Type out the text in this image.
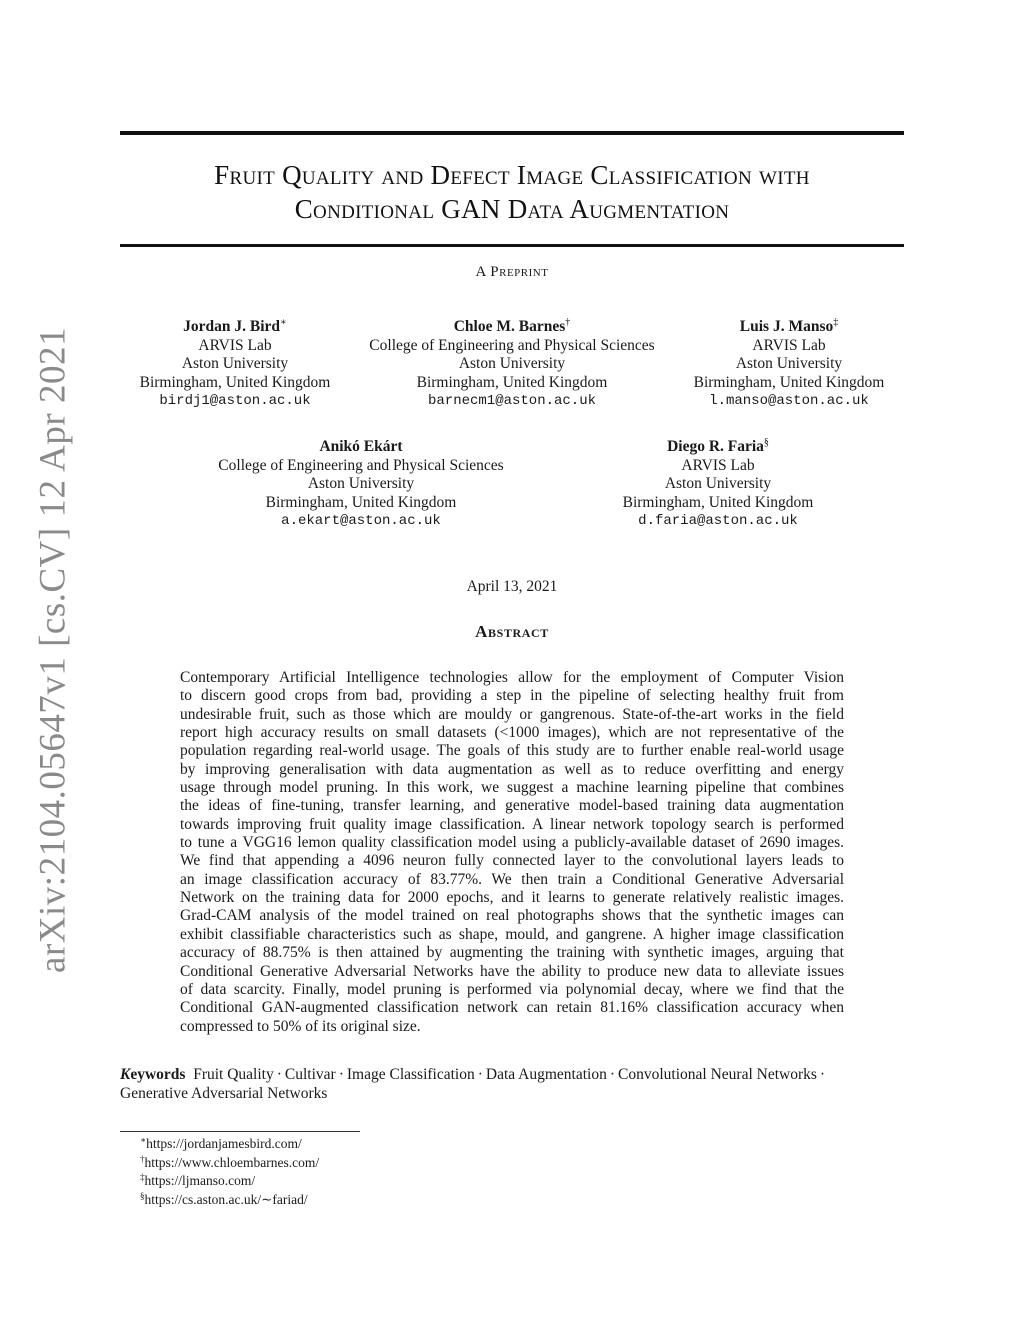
arXiv:2104.05647v1 [cs.CV] 12 Apr 2021
Fruit Quality and Defect Image Classification with
Conditional GAN Data Augmentation
A Preprint
Jordan J. Bird∗
ARVIS Lab
Aston University
Birmingham, United Kingdom
birdj1@aston.ac.uk
Chloe M. Barnes†
College of Engineering and Physical Sciences
Aston University
Birmingham, United Kingdom
barnecm1@aston.ac.uk
Luis J. Manso‡
ARVIS Lab
Aston University
Birmingham, United Kingdom
l.manso@aston.ac.uk
Anikó Ekárt
College of Engineering and Physical Sciences
Aston University
Birmingham, United Kingdom
a.ekart@aston.ac.uk
Diego R. Faria§
ARVIS Lab
Aston University
Birmingham, United Kingdom
d.faria@aston.ac.uk
April 13, 2021
Abstract
Contemporary Artificial Intelligence technologies allow for the employment of Computer Vision
to discern good crops from bad, providing a step in the pipeline of selecting healthy fruit from
undesirable fruit, such as those which are mouldy or gangrenous. State-of-the-art works in the field
report high accuracy results on small datasets (<1000 images), which are not representative of the
population regarding real-world usage. The goals of this study are to further enable real-world usage
by improving generalisation with data augmentation as well as to reduce overfitting and energy
usage through model pruning. In this work, we suggest a machine learning pipeline that combines
the ideas of fine-tuning, transfer learning, and generative model-based training data augmentation
towards improving fruit quality image classification. A linear network topology search is performed
to tune a VGG16 lemon quality classification model using a publicly-available dataset of 2690 images.
We find that appending a 4096 neuron fully connected layer to the convolutional layers leads to
an image classification accuracy of 83.77%. We then train a Conditional Generative Adversarial
Network on the training data for 2000 epochs, and it learns to generate relatively realistic images.
Grad-CAM analysis of the model trained on real photographs shows that the synthetic images can
exhibit classifiable characteristics such as shape, mould, and gangrene. A higher image classification
accuracy of 88.75% is then attained by augmenting the training with synthetic images, arguing that
Conditional Generative Adversarial Networks have the ability to produce new data to alleviate issues
of data scarcity. Finally, model pruning is performed via polynomial decay, where we find that the
Conditional GAN-augmented classification network can retain 81.16% classification accuracy when
compressed to 50% of its original size.
Keywords Fruit Quality · Cultivar · Image Classification · Data Augmentation · Convolutional Neural Networks ·
Generative Adversarial Networks
∗https://jordanjamesbird.com/
†https://www.chloembarnes.com/
‡https://ljmanso.com/
§https://cs.aston.ac.uk/∼fariad/
